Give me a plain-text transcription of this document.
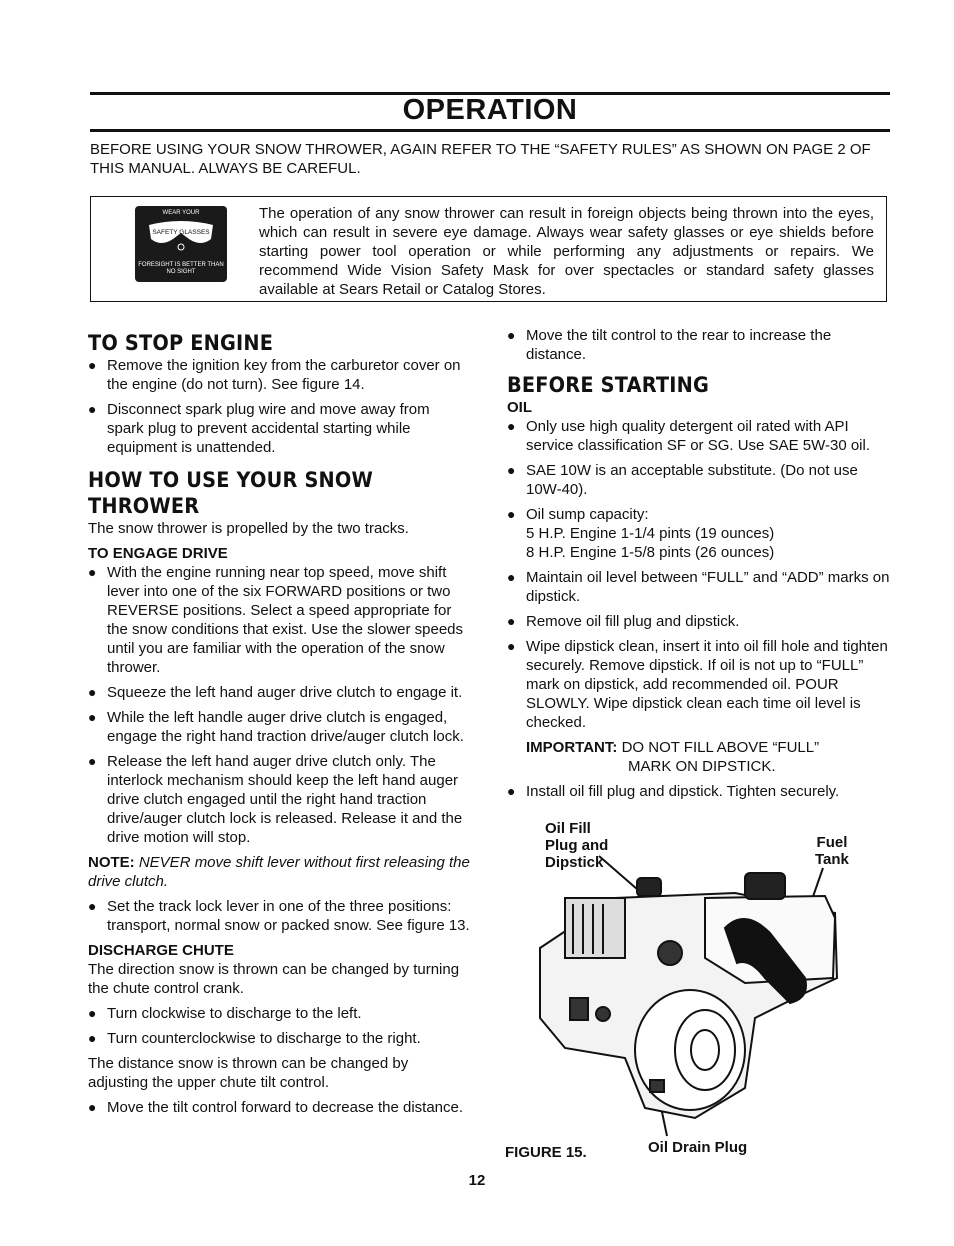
OPERATION
BEFORE USING YOUR SNOW THROWER, AGAIN REFER TO THE “SAFETY RULES” AS SHOWN ON PAGE 2 OF THIS MANUAL. ALWAYS BE CAREFUL.
WEAR YOUR
SAFETY GLASSES
FORESIGHT IS BETTER THAN NO SIGHT
The operation of any snow thrower can result in foreign objects being thrown into the eyes, which can result in severe eye damage. Always wear safety glasses or eye shields before starting power tool operation or while performing any adjustments or repairs. We recommend Wide Vision Safety Mask for over spectacles or standard safety glasses available at Sears Retail or Catalog Stores.
TO STOP ENGINE
● Remove the ignition key from the carburetor cover on the engine (do not turn). See figure 14.
● Disconnect spark plug wire and move away from spark plug to prevent accidental starting while equipment is unattended.
HOW TO USE YOUR SNOW THROWER

The snow thrower is propelled by the two tracks.

TO ENGAGE DRIVE
● With the engine running near top speed, move shift lever into one of the six FORWARD positions or two REVERSE positions. Select a speed appropriate for the snow conditions that exist. Use the slower speeds until you are familiar with the operation of the snow thrower.
● Squeeze the left hand auger drive clutch to engage it.
● While the left handle auger drive clutch is engaged, engage the right hand traction drive/auger clutch lock.
● Release the left hand auger drive clutch only. The interlock mechanism should keep the left hand auger drive clutch engaged until the right hand traction drive/auger clutch lock is released. Release it and the drive motion will stop.

NOTE: NEVER move shift lever without first releasing the drive clutch.

● Set the track lock lever in one of the three positions: transport, normal snow or packed snow. See figure 13.
DISCHARGE CHUTE

The direction snow is thrown can be changed by turning the chute control crank.

● Turn clockwise to discharge to the left.
● Turn counterclockwise to discharge to the right.

The distance snow is thrown can be changed by adjusting the upper chute tilt control.

● Move the tilt control forward to decrease the distance.
● Move the tilt control to the rear to increase the distance.
BEFORE STARTING
OIL
● Only use high quality detergent oil rated with API service classification SF or SG. Use SAE 5W-30 oil.
● SAE 10W is an acceptable substitute. (Do not use 10W-40).
● Oil sump capacity:
5 H.P. Engine 1-1/4 pints (19 ounces)
8 H.P. Engine 1-5/8 pints (26 ounces)
● Maintain oil level between “FULL” and “ADD” marks on dipstick.
● Remove oil fill plug and dipstick.
● Wipe dipstick clean, insert it into oil fill hole and tighten securely. Remove dipstick. If oil is not up to “FULL” mark on dipstick, add recommended oil. POUR SLOWLY. Wipe dipstick clean each time oil level is checked.
IMPORTANT: DO NOT FILL ABOVE “FULL”
MARK ON DIPSTICK.
● Install oil fill plug and dipstick. Tighten securely.
Oil Fill
Plug and
Dipstick
Fuel
Tank
FIGURE 15.	Oil Drain Plug
12
